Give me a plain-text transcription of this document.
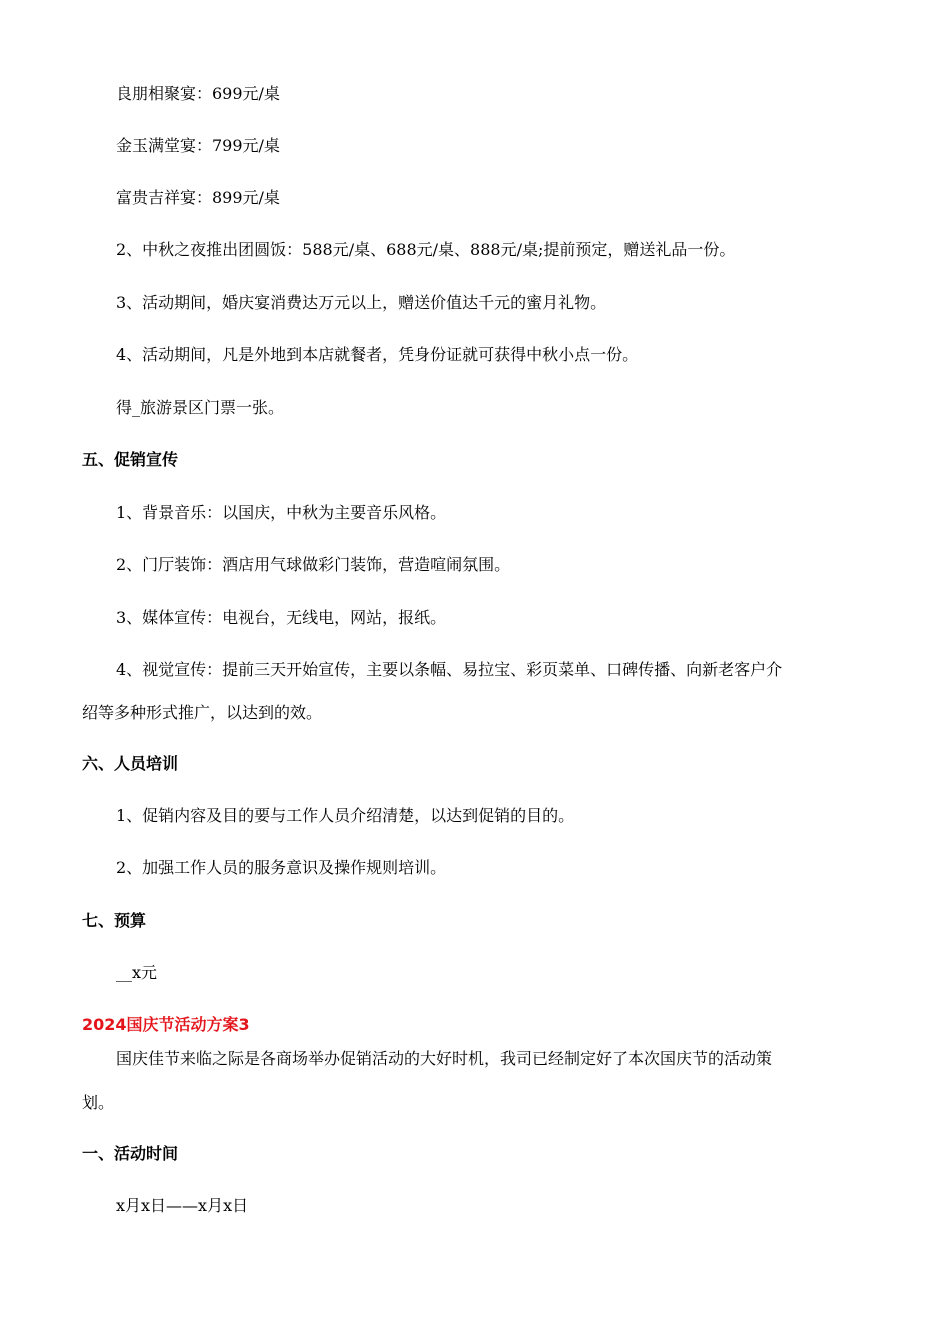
良朋相聚宴：699元/桌
金玉满堂宴：799元/桌
富贵吉祥宴：899元/桌
2、中秋之夜推出团圆饭：588元/桌、688元/桌、888元/桌;提前预定，赠送礼品一份。
3、活动期间，婚庆宴消费达万元以上，赠送价值达千元的蜜月礼物。
4、活动期间，凡是外地到本店就餐者，凭身份证就可获得中秋小点一份。
得_旅游景区门票一张。
五、促销宣传
1、背景音乐：以国庆，中秋为主要音乐风格。
2、门厅装饰：酒店用气球做彩门装饰，营造喧闹氛围。
3、媒体宣传：电视台，无线电，网站，报纸。
4、视觉宣传：提前三天开始宣传，主要以条幅、易拉宝、彩页菜单、口碑传播、向新老客户介
绍等多种形式推广，以达到的效。
六、人员培训
1、促销内容及目的要与工作人员介绍清楚，以达到促销的目的。
2、加强工作人员的服务意识及操作规则培训。
七、预算
__x元
2024国庆节活动方案3
国庆佳节来临之际是各商场举办促销活动的大好时机，我司已经制定好了本次国庆节的活动策
划。
一、活动时间
x月x日——x月x日
